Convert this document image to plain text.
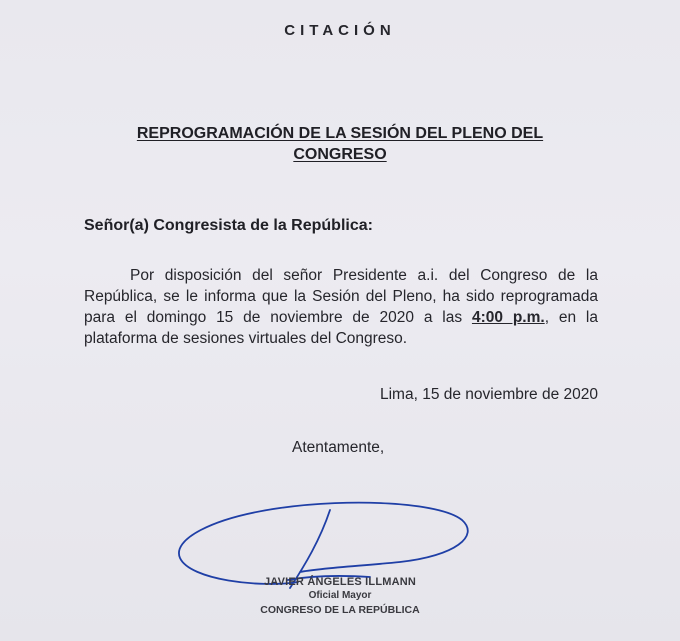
CITACIÓN
REPROGRAMACIÓN DE LA SESIÓN DEL PLENO DEL
CONGRESO
Señor(a) Congresista de la República:
Por disposición del señor Presidente a.i. del Congreso de la República, se le informa que la Sesión del Pleno, ha sido reprogramada para el domingo 15 de noviembre de 2020 a las 4:00 p.m., en la plataforma de sesiones virtuales del Congreso.
Lima, 15 de noviembre de 2020
Atentamente,
JAVIER ÁNGELES ILLMANN
Oficial Mayor
CONGRESO DE LA REPÚBLICA
